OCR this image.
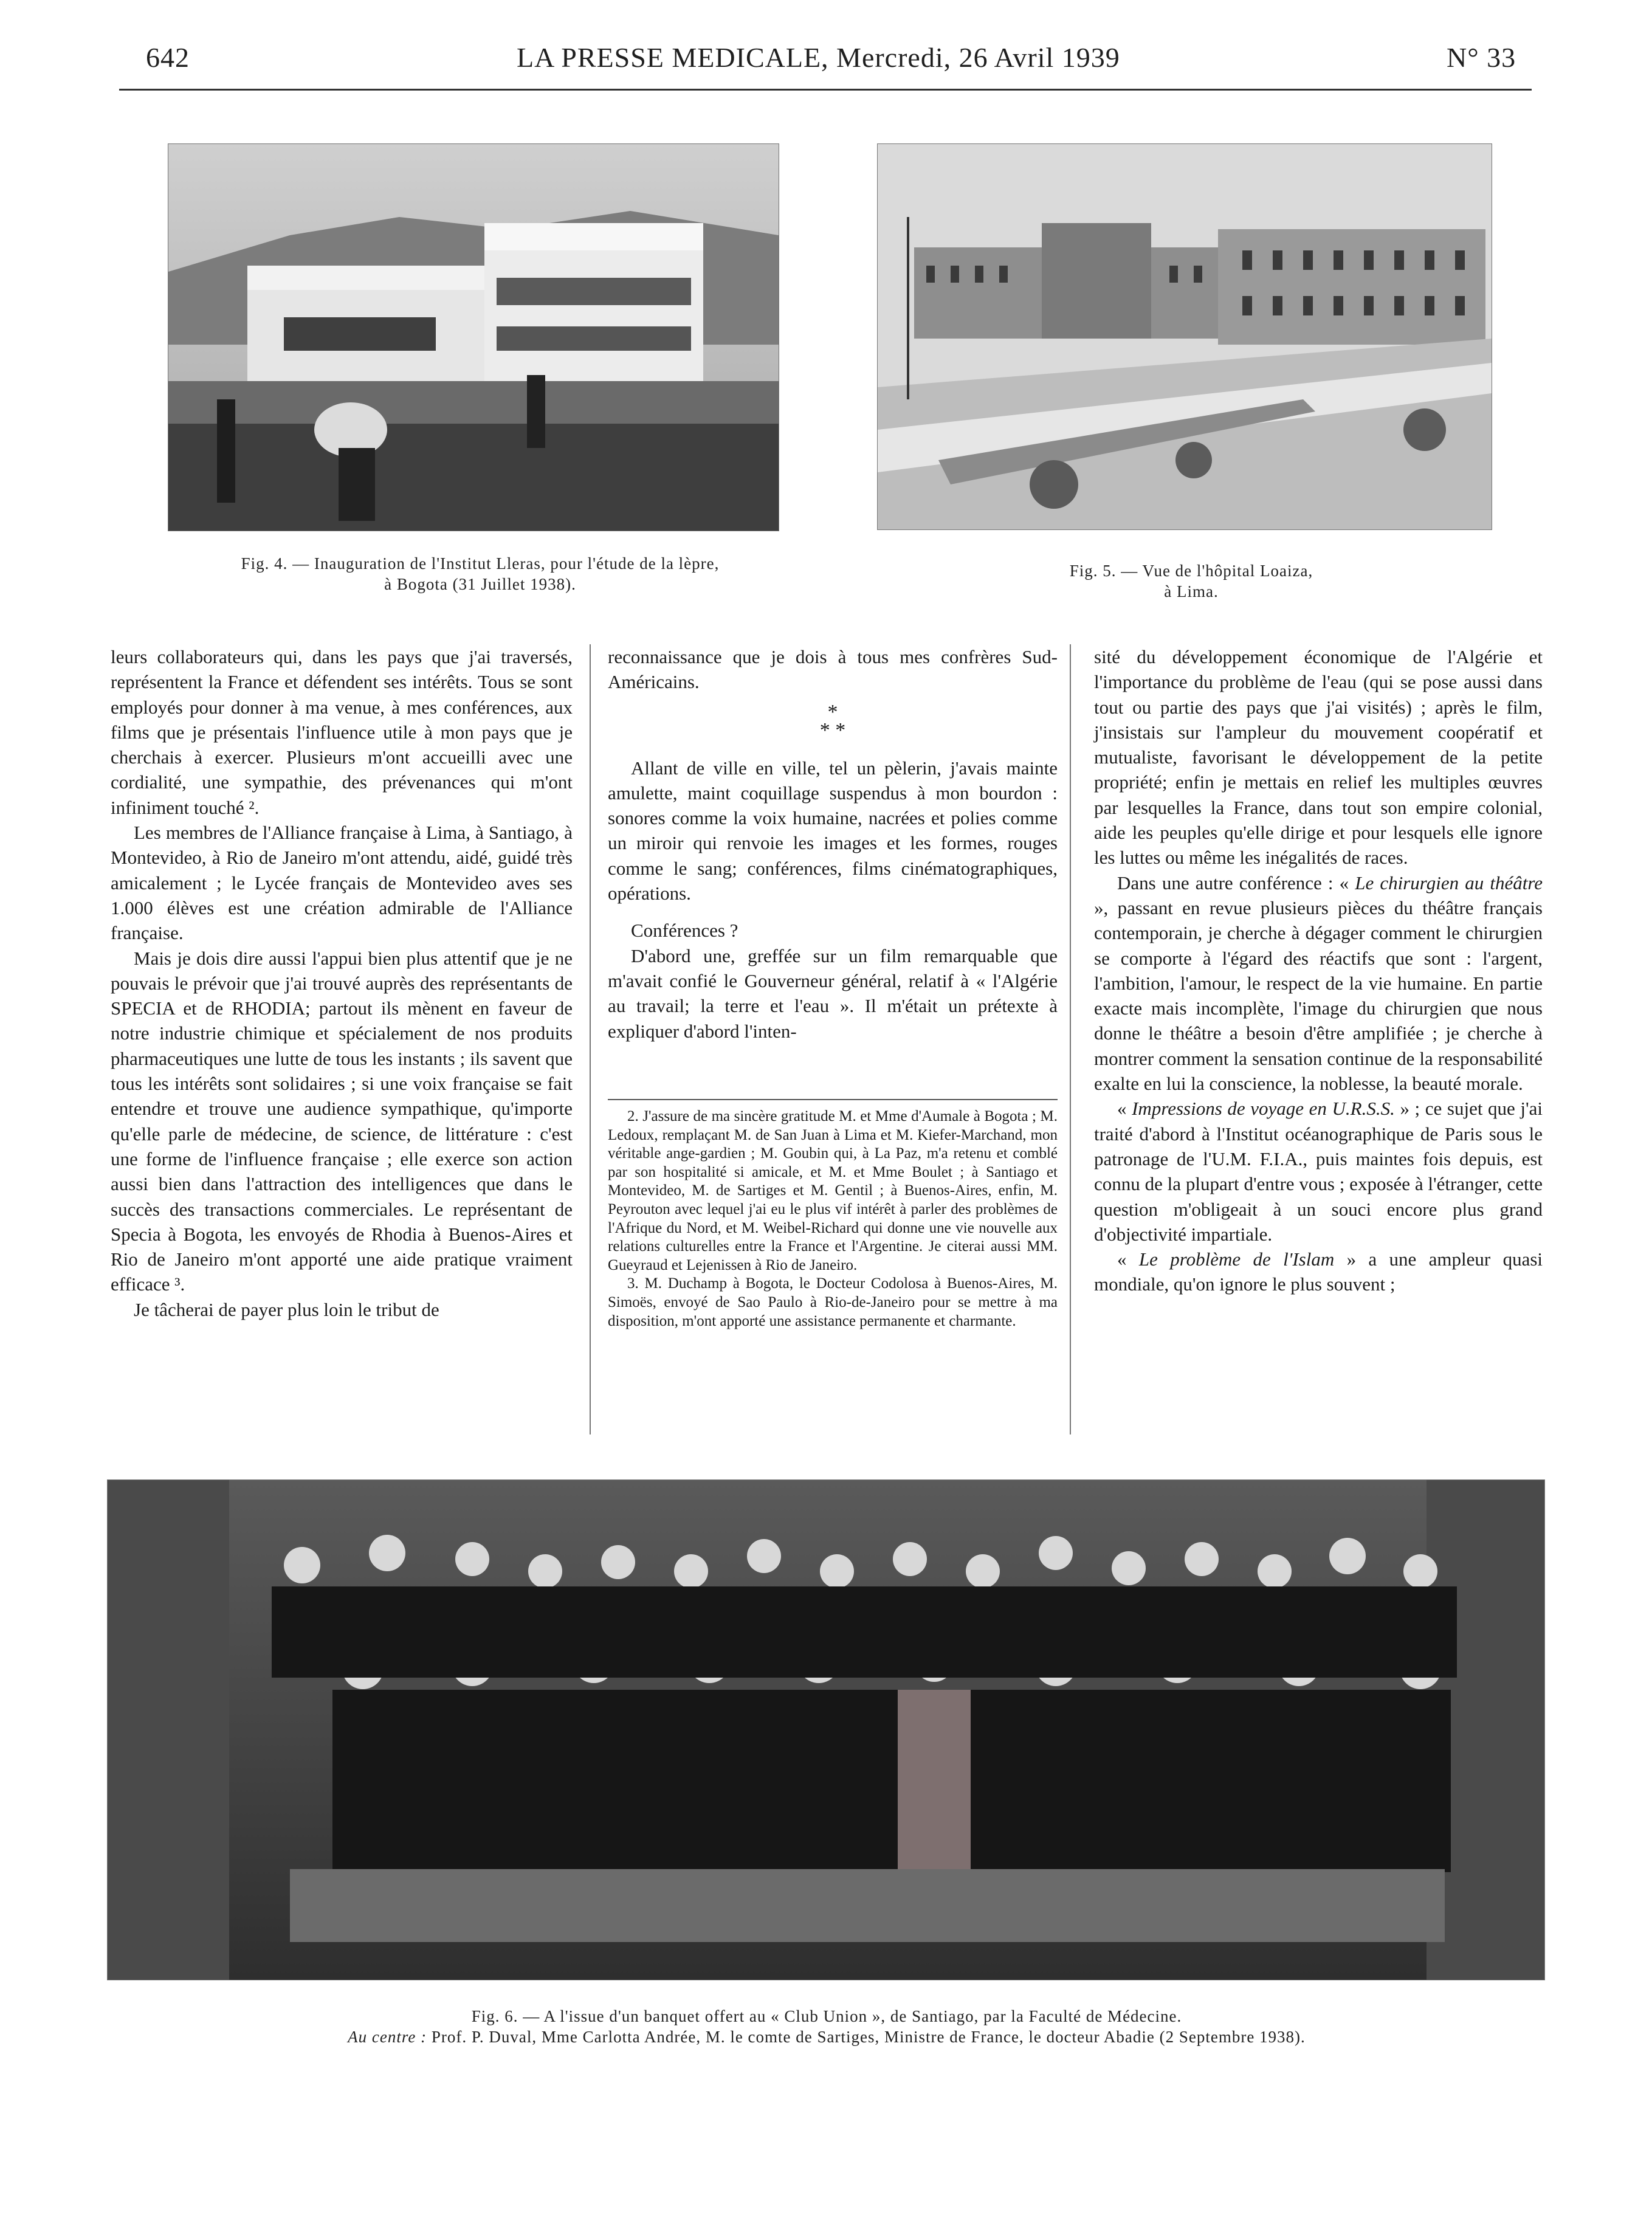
642	LA PRESSE MEDICALE, Mercredi, 26 Avril 1939	N° 33
Fig. 4. — Inauguration de l'Institut Lleras, pour l'étude de la lèpre,
à Bogota (31 Juillet 1938).
Fig. 5. — Vue de l'hôpital Loaiza,
à Lima.

leurs collaborateurs qui, dans les pays que j'ai traversés, représentent la France et défendent ses intérêts. Tous se sont employés pour donner à ma venue, à mes conférences, aux films que je présentais l'influence utile à mon pays que je cherchais à exercer. Plusieurs m'ont accueilli avec une cordialité, une sympathie, des prévenances qui m'ont infiniment touché ².

Les membres de l'Alliance française à Lima, à Santiago, à Montevideo, à Rio de Janeiro m'ont attendu, aidé, guidé très amicalement ; le Lycée français de Montevideo aves ses 1.000 élèves est une création admirable de l'Alliance française.

Mais je dois dire aussi l'appui bien plus attentif que je ne pouvais le prévoir que j'ai trouvé auprès des représentants de SPECIA et de RHODIA; partout ils mènent en faveur de notre industrie chimique et spécialement de nos produits pharmaceutiques une lutte de tous les instants ; ils savent que tous les intérêts sont solidaires ; si une voix française se fait entendre et trouve une audience sympathique, qu'importe qu'elle parle de médecine, de science, de littérature : c'est une forme de l'influence française ; elle exerce son action aussi bien dans l'attraction des intelligences que dans le succès des transactions commerciales. Le représentant de Specia à Bogota, les envoyés de Rhodia à Buenos-Aires et Rio de Janeiro m'ont apporté une aide pratique vraiment efficace ³.

Je tâcherai de payer plus loin le tribut de

reconnaissance que je dois à tous mes confrères Sud-Américains.

*
* *

Allant de ville en ville, tel un pèlerin, j'avais mainte amulette, maint coquillage suspendus à mon bourdon : sonores comme la voix humaine, nacrées et polies comme un miroir qui renvoie les images et les formes, rouges comme le sang; conférences, films cinématographiques, opérations.

Conférences ?

D'abord une, greffée sur un film remarquable que m'avait confié le Gouverneur général, relatif à « l'Algérie au travail; la terre et l'eau ». Il m'était un prétexte à expliquer d'abord l'inten-

2. J'assure de ma sincère gratitude M. et Mme d'Aumale à Bogota ; M. Ledoux, remplaçant M. de San Juan à Lima et M. Kiefer-Marchand, mon véritable ange-gardien ; M. Goubin qui, à La Paz, m'a retenu et comblé par son hospitalité si amicale, et M. et Mme Boulet ; à Santiago et Montevideo, M. de Sartiges et M. Gentil ; à Buenos-Aires, enfin, M. Peyrouton avec lequel j'ai eu le plus vif intérêt à parler des problèmes de l'Afrique du Nord, et M. Weibel-Richard qui donne une vie nouvelle aux relations culturelles entre la France et l'Argentine. Je citerai aussi MM. Gueyraud et Lejenissen à Rio de Janeiro.

3. M. Duchamp à Bogota, le Docteur Codolosa à Buenos-Aires, M. Simoës, envoyé de Sao Paulo à Rio-de-Janeiro pour se mettre à ma disposition, m'ont apporté une assistance permanente et charmante.

sité du développement économique de l'Algérie et l'importance du problème de l'eau (qui se pose aussi dans tout ou partie des pays que j'ai visités) ; après le film, j'insistais sur l'ampleur du mouvement coopératif et mutualiste, favorisant le développement de la petite propriété; enfin je mettais en relief les multiples œuvres par lesquelles la France, dans tout son empire colonial, aide les peuples qu'elle dirige et pour lesquels elle ignore les luttes ou même les inégalités de races.

Dans une autre conférence : « Le chirurgien au théâtre », passant en revue plusieurs pièces du théâtre français contemporain, je cherche à dégager comment le chirurgien se comporte à l'égard des réactifs que sont : l'argent, l'ambition, l'amour, le respect de la vie humaine. En partie exacte mais incomplète, l'image du chirurgien que nous donne le théâtre a besoin d'être amplifiée ; je cherche à montrer comment la sensation continue de la responsabilité exalte en lui la conscience, la noblesse, la beauté morale.

« Impressions de voyage en U.R.S.S. » ; ce sujet que j'ai traité d'abord à l'Institut océanographique de Paris sous le patronage de l'U.M. F.I.A., puis maintes fois depuis, est connu de la plupart d'entre vous ; exposée à l'étranger, cette question m'obligeait à un souci encore plus grand d'objectivité impartiale.

« Le problème de l'Islam » a une ampleur quasi mondiale, qu'on ignore le plus souvent ;

Fig. 6. — A l'issue d'un banquet offert au « Club Union », de Santiago, par la Faculté de Médecine.
Au centre : Prof. P. Duval, Mme Carlotta Andrée, M. le comte de Sartiges, Ministre de France, le docteur Abadie (2 Septembre 1938).
